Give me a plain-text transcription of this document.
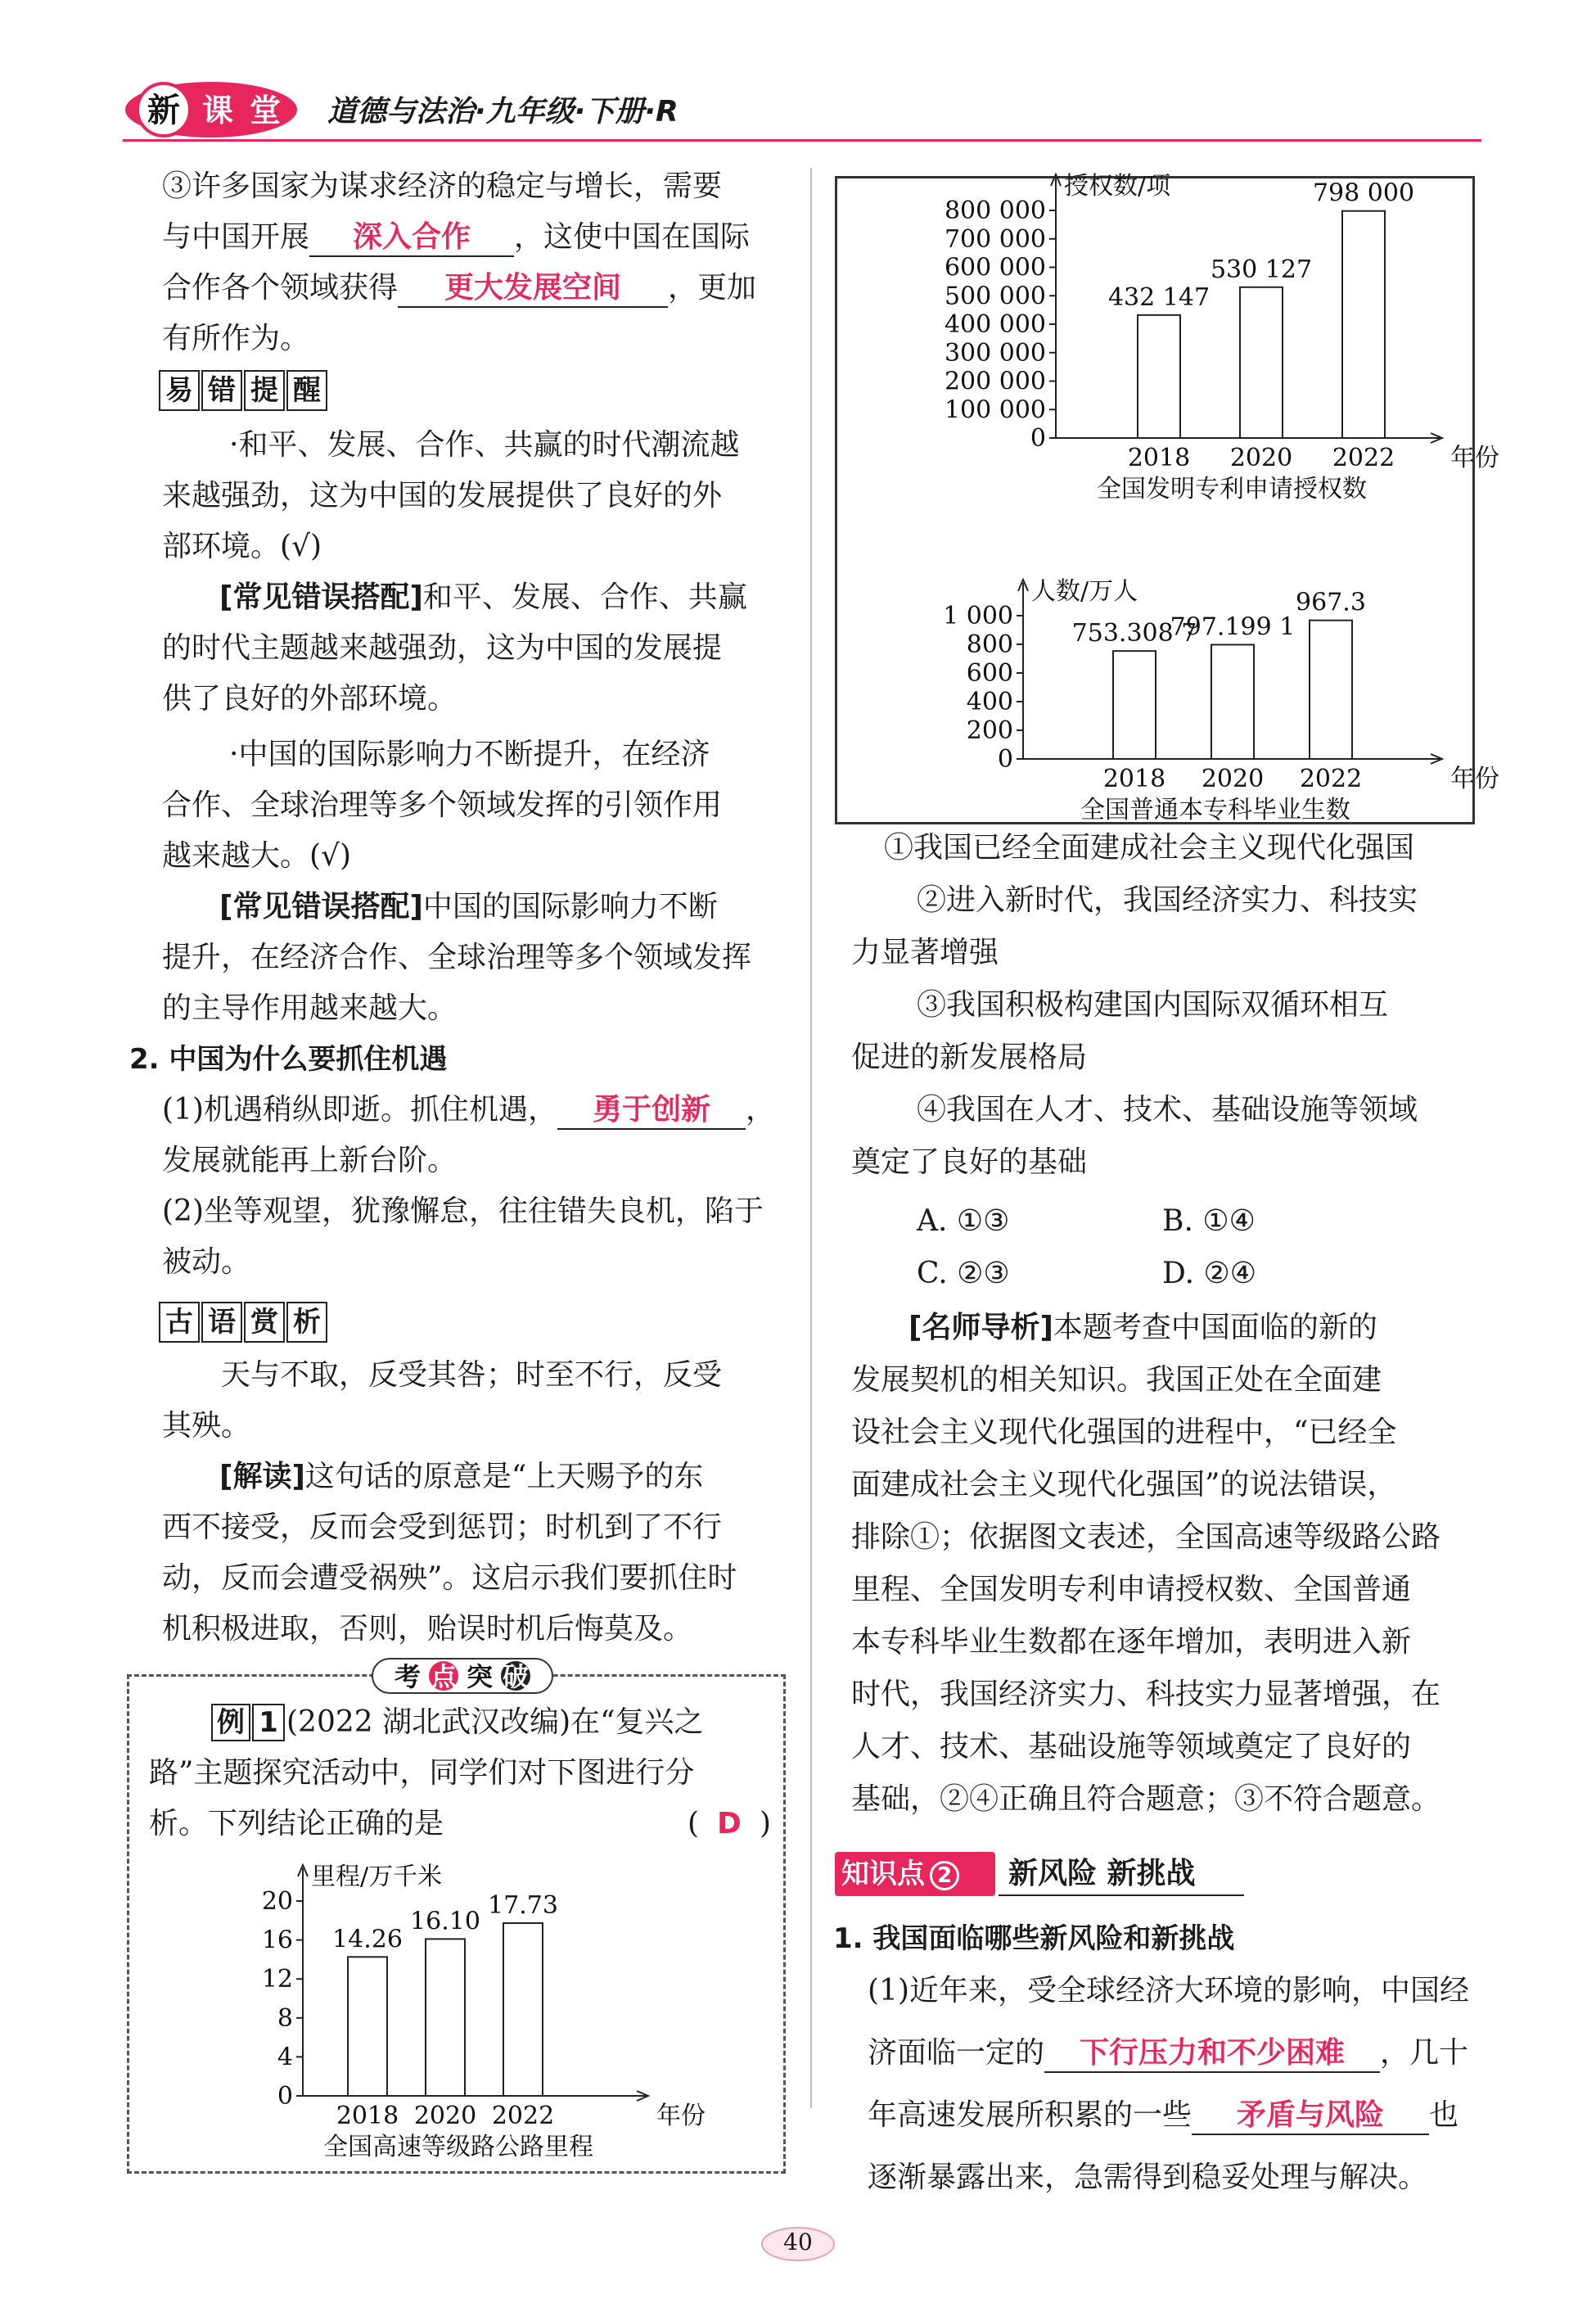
新 课 堂 道德与法治·九年级·下册·R
③许多国家为谋求经济的稳定与增长，需要
与中国开展 深入合作 ，这使中国在国际
合作各个领域获得 更大发展空间 ，更加
有所作为。
易 错 提 醒
·和平、发展、合作、共赢的时代潮流越
来越强劲，这为中国的发展提供了良好的外
部环境。(√)
[常见错误搭配]和平、发展、合作、共赢
的时代主题越来越强劲，这为中国的发展提
供了良好的外部环境。
·中国的国际影响力不断提升，在经济
合作、全球治理等多个领域发挥的引领作用
越来越大。(√)
[常见错误搭配]中国的国际影响力不断
提升，在经济合作、全球治理等多个领域发挥
的主导作用越来越大。
2. 中国为什么要抓住机遇
(1)机遇稍纵即逝。抓住机遇， 勇于创新 ，
发展就能再上新台阶。
(2)坐等观望，犹豫懈怠，往往错失良机，陷于
被动。
古 语 赏 析
天与不取，反受其咎；时至不行，反受
其殃。
[解读]这句话的原意是“上天赐予的东
西不接受，反而会受到惩罚；时机到了不行
动，反而会遭受祸殃”。这启示我们要抓住时
机积极进取，否则，贻误时机后悔莫及。
考 点 突 破
例 1 (2022 湖北武汉改编)在“复兴之
路”主题探究活动中，同学们对下图进行分
析。下列结论正确的是	( D )
20
16
12
8
4
0
里程/万千米
14.26
2018
16.10
2020
17.73
2022	年份
全国高速等级路公路里程
800 000
700 000
600 000
500 000
400 000
300 000
200 000
100 000
0
授权数/项
432 147
2018
530 127
2020
798 000
2022 年份
全国发明专利申请授权数
1 000
800
600
400
200
0
人数/万人
753.308 7
2018
797.199 1
2020
967.3
2022	年份
全国普通本专科毕业生数
①我国已经全面建成社会主义现代化强国
②进入新时代，我国经济实力、科技实
力显著增强
③我国积极构建国内国际双循环相互
促进的新发展格局
④我国在人才、技术、基础设施等领域
奠定了良好的基础
A. ①③	B. ①④
C. ②③	D. ②④
[名师导析]本题考查中国面临的新的
发展契机的相关知识。我国正处在全面建
设社会主义现代化强国的进程中，“已经全
面建成社会主义现代化强国”的说法错误，
排除①；依据图文表述，全国高速等级路公路
里程、全国发明专利申请授权数、全国普通
本专科毕业生数都在逐年增加，表明进入新
时代，我国经济实力、科技实力显著增强，在
人才、技术、基础设施等领域奠定了良好的
基础，②④正确且符合题意；③不符合题意。
知识点 2	新风险 新挑战
1. 我国面临哪些新风险和新挑战
(1)近年来，受全球经济大环境的影响，中国经
济面临一定的 下行压力和不少困难 ，几十
年高速发展所积累的一些 矛盾与风险 也
逐渐暴露出来，急需得到稳妥处理与解决。
40
